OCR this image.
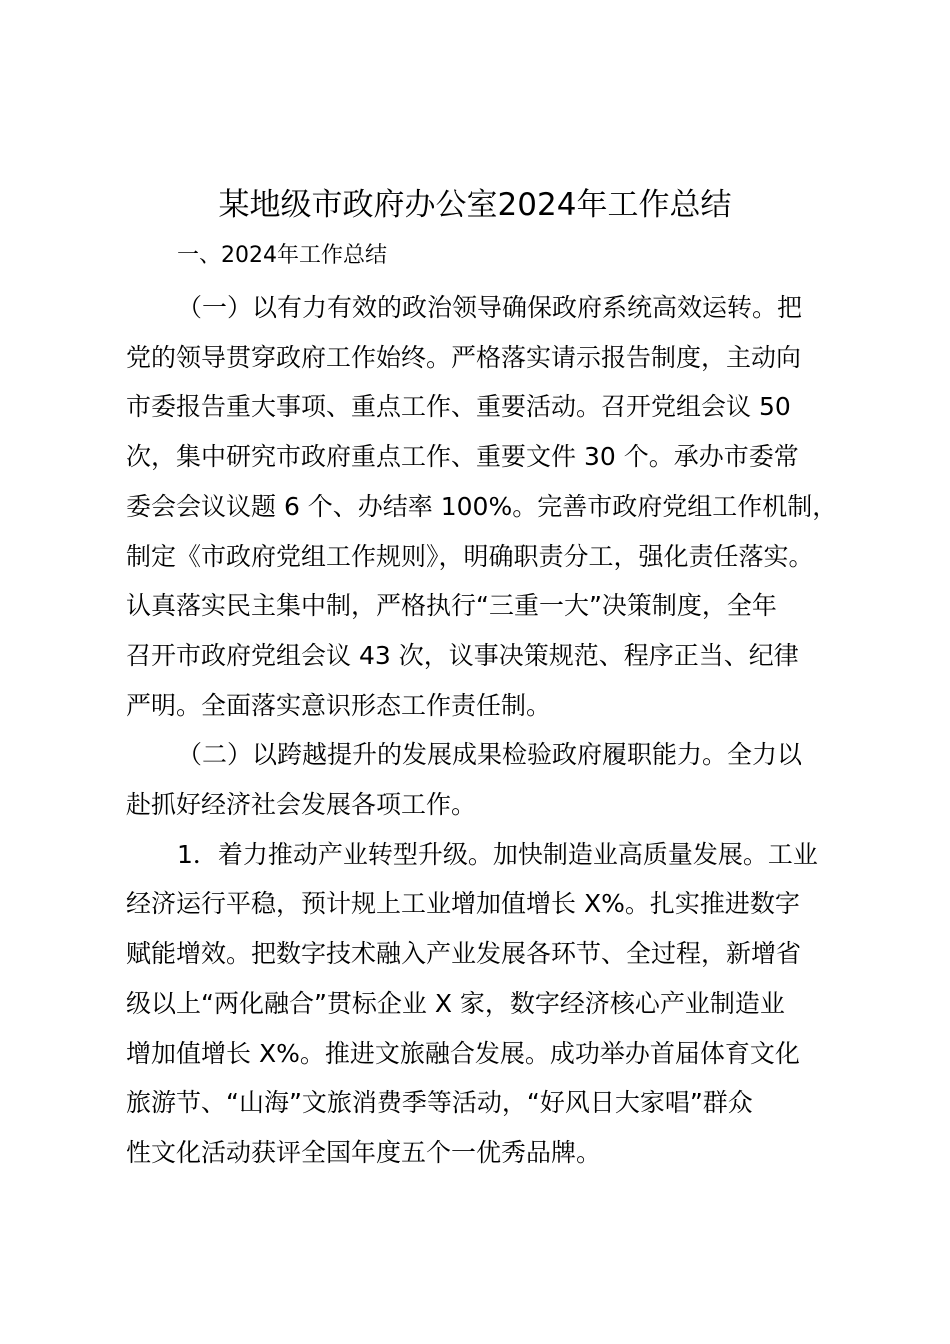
某地级市政府办公室2024年工作总结
一、2024年工作总结

（一）以有力有效的政治领导确保政府系统高效运转。把
党的领导贯穿政府工作始终。严格落实请示报告制度，主动向
市委报告重大事项、重点工作、重要活动。召开党组会议 50
次，集中研究市政府重点工作、重要文件 30 个。承办市委常
委会会议议题 6 个、办结率 100%。完善市政府党组工作机制，
制定《市政府党组工作规则》，明确职责分工，强化责任落实。
认真落实民主集中制，严格执行“三重一大”决策制度，全年
召开市政府党组会议 43 次，议事决策规范、程序正当、纪律
严明。全面落实意识形态工作责任制。

（二）以跨越提升的发展成果检验政府履职能力。全力以
赴抓好经济社会发展各项工作。

1．着力推动产业转型升级。加快制造业高质量发展。工业
经济运行平稳，预计规上工业增加值增长 X%。扎实推进数字
赋能增效。把数字技术融入产业发展各环节、全过程，新增省
级以上“两化融合”贯标企业 X 家，数字经济核心产业制造业
增加值增长 X%。推进文旅融合发展。成功举办首届体育文化
旅游节、“山海”文旅消费季等活动，“好风日大家唱”群众
性文化活动获评全国年度五个一优秀品牌。
